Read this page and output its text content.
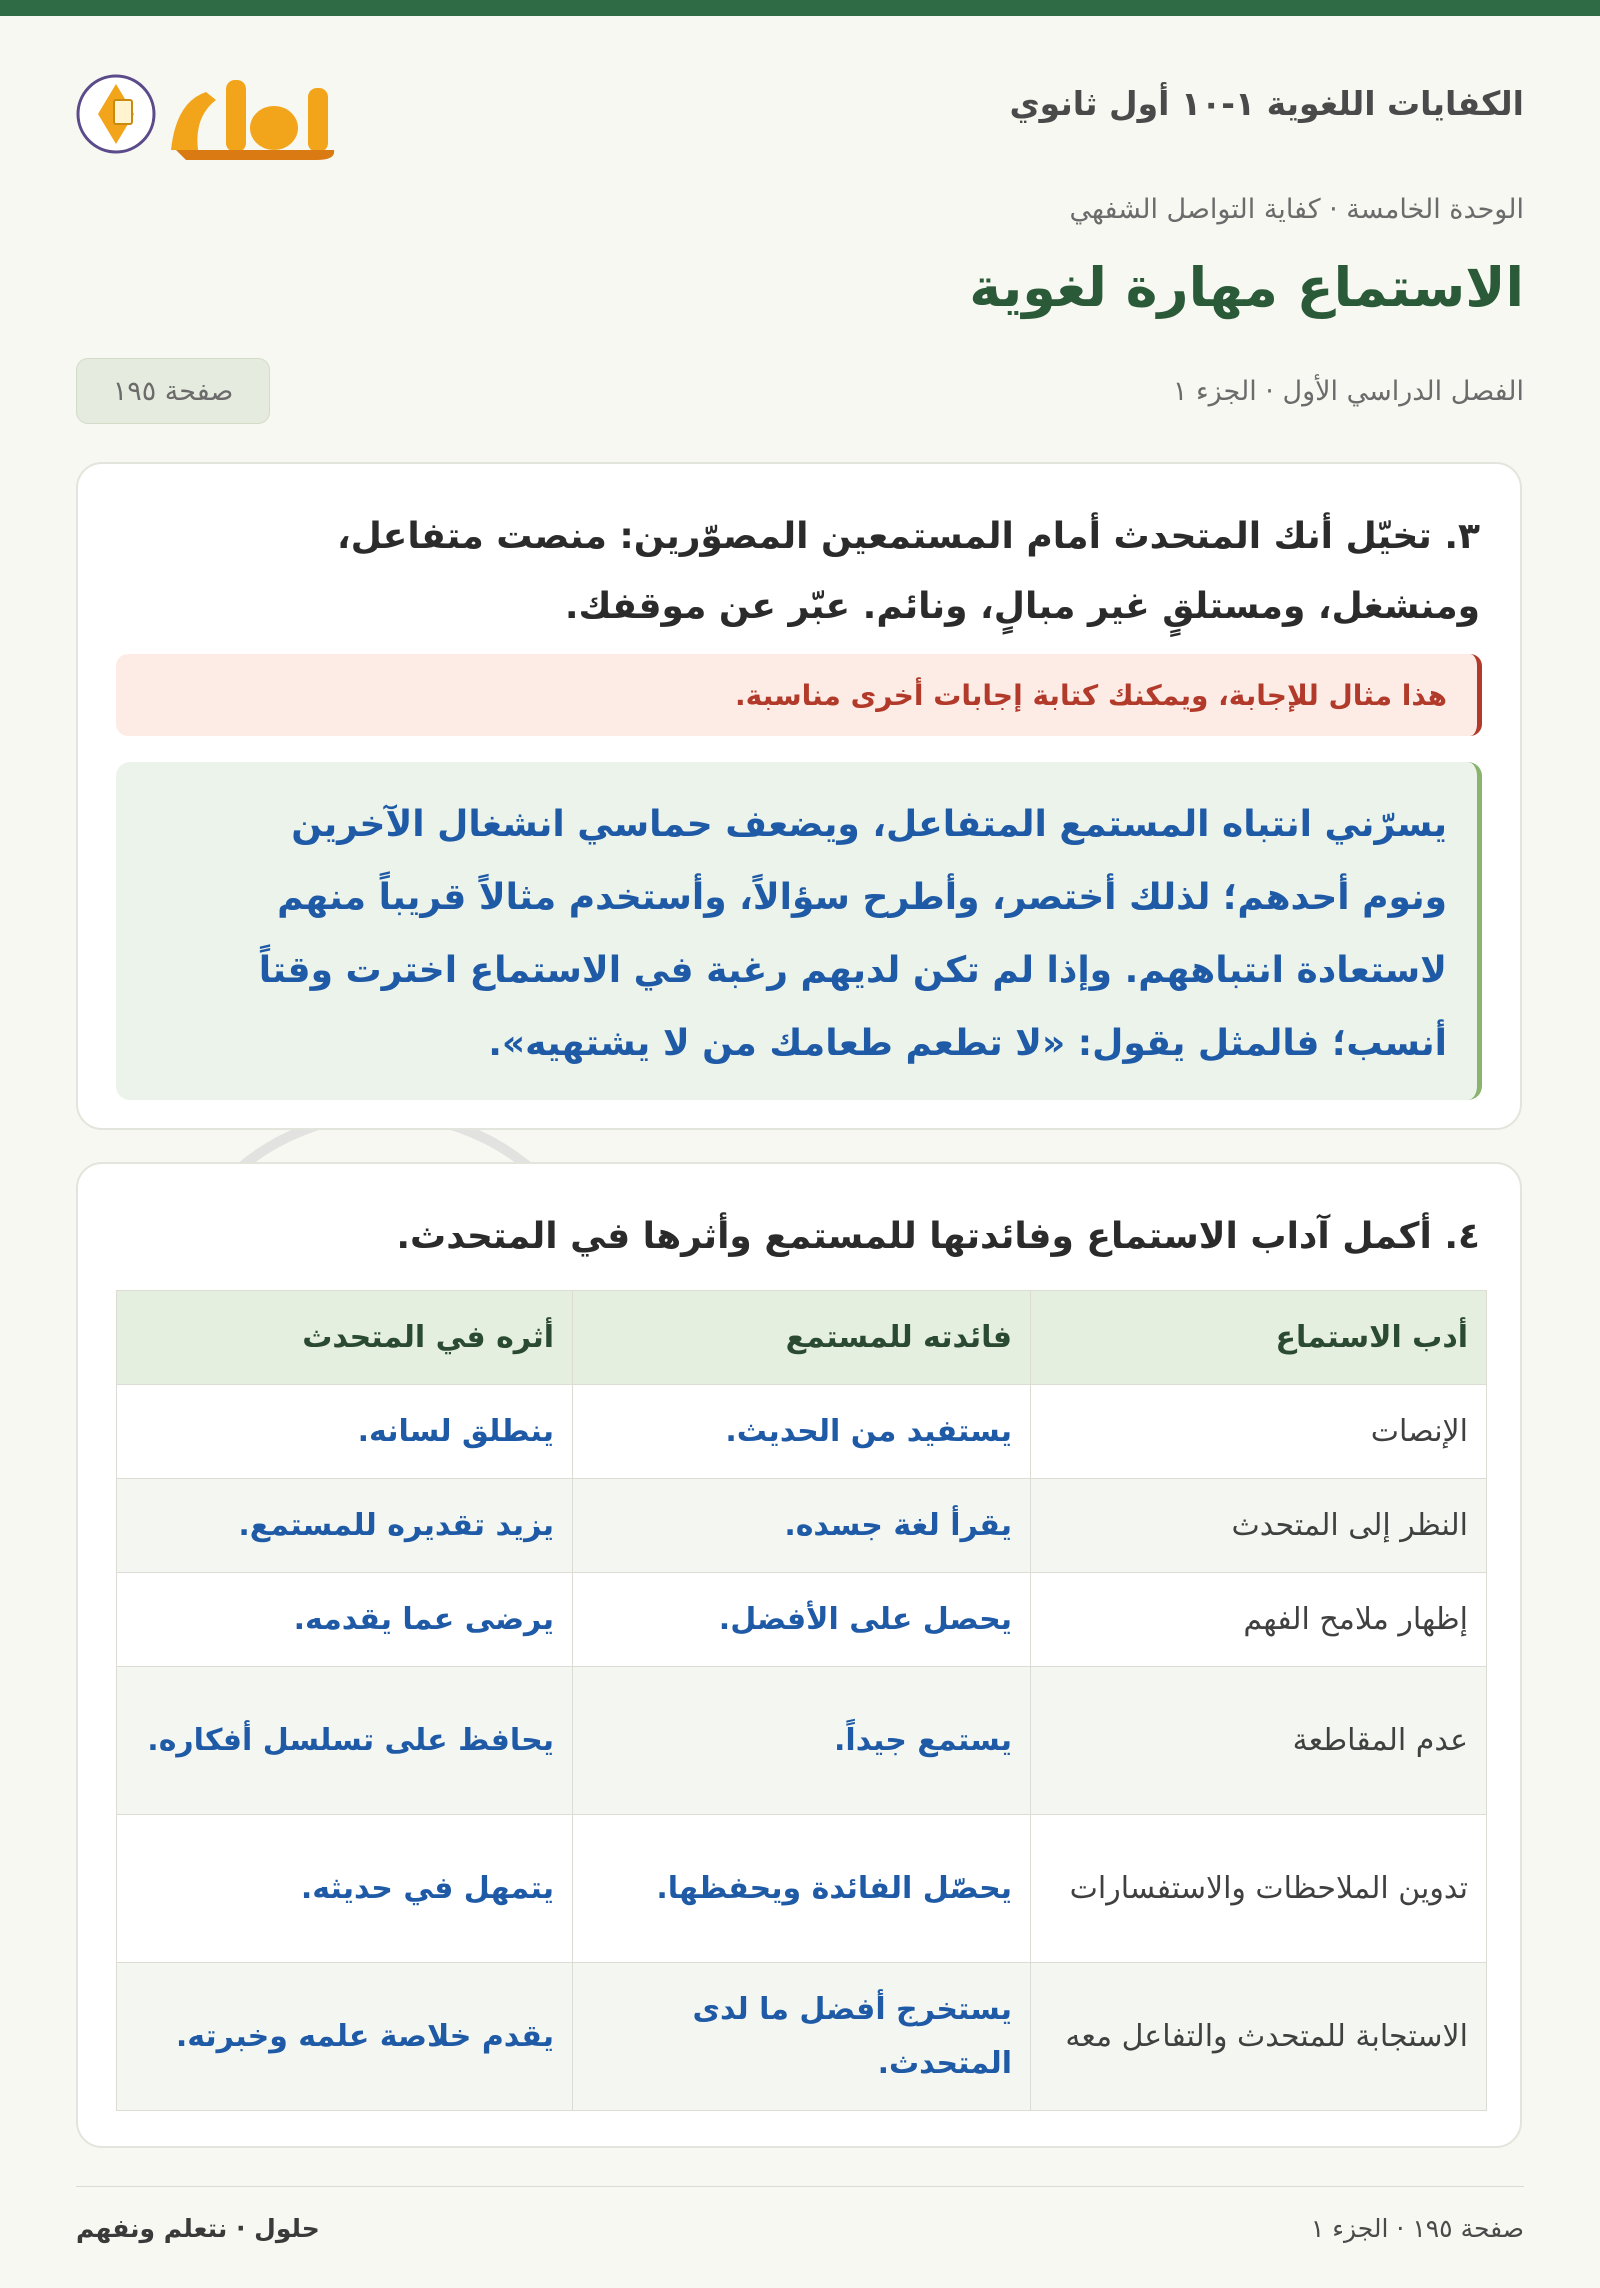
الكفايات اللغوية ١-١٠ أول ثانوي
الوحدة الخامسة · كفاية التواصل الشفهي
الاستماع مهارة لغوية
الفصل الدراسي الأول · الجزء ١
صفحة ١٩٥
٣. تخيّل أنك المتحدث أمام المستمعين المصوّرين: منصت متفاعل،
ومنشغل، ومستلقٍ غير مبالٍ، ونائم. عبّر عن موقفك.
هذا مثال للإجابة، ويمكنك كتابة إجابات أخرى مناسبة.
يسرّني انتباه المستمع المتفاعل، ويضعف حماسي انشغال الآخرين
ونوم أحدهم؛ لذلك أختصر، وأطرح سؤالاً، وأستخدم مثالاً قريباً منهم
لاستعادة انتباههم. وإذا لم تكن لديهم رغبة في الاستماع اخترت وقتاً
أنسب؛ فالمثل يقول: «لا تطعم طعامك من لا يشتهيه».
٤. أكمل آداب الاستماع وفائدتها للمستمع وأثرها في المتحدث.
أدب الاستماع	فائدته للمستمع	أثره في المتحدث
الإنصات	يستفيد من الحديث.	ينطلق لسانه.
النظر إلى المتحدث	يقرأ لغة جسده.	يزيد تقديره للمستمع.
إظهار ملامح الفهم	يحصل على الأفضل.	يرضى عما يقدمه.
عدم المقاطعة	يستمع جيداً.	يحافظ على تسلسل أفكاره.
تدوين الملاحظات والاستفسارات	يحصّل الفائدة ويحفظها.	يتمهل في حديثه.
الاستجابة للمتحدث والتفاعل معه	يستخرج أفضل ما لدى المتحدث.	يقدم خلاصة علمه وخبرته.
صفحة ١٩٥ · الجزء ١
حلول · نتعلم ونفهم
